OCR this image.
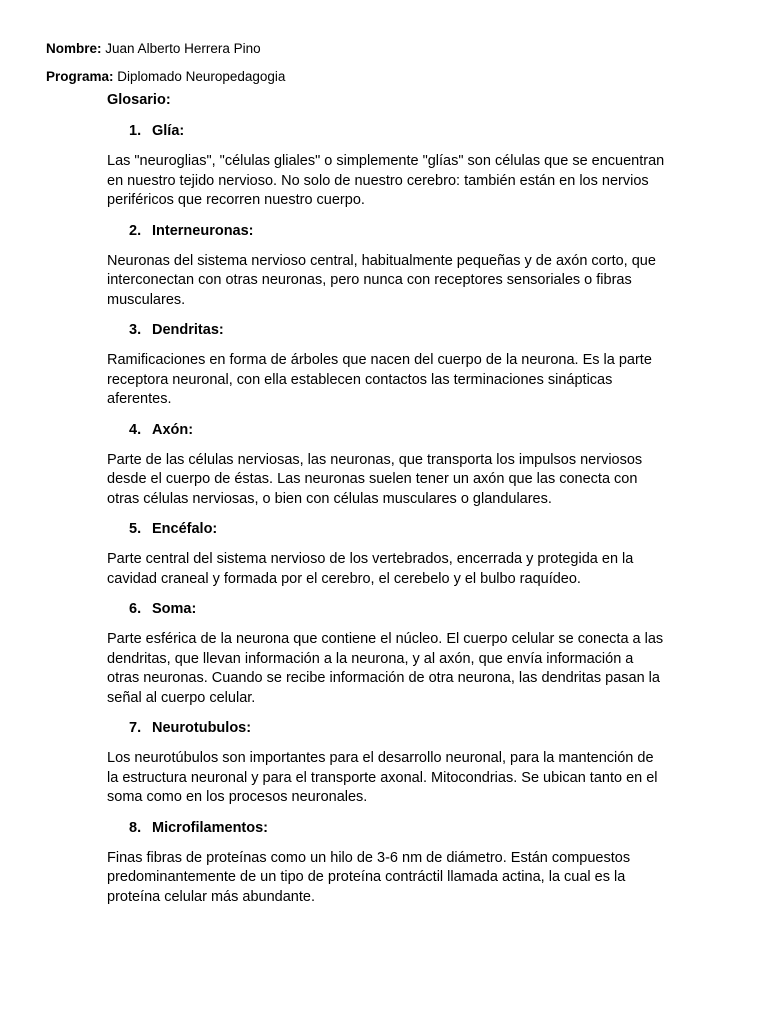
Nombre: Juan Alberto Herrera Pino
Programa: Diplomado Neuropedagogia

Glosario:

1. Glía:

Las "neuroglias", "células gliales" o simplemente "glías" son células que se encuentran en nuestro tejido nervioso. No solo de nuestro cerebro: también están en los nervios periféricos que recorren nuestro cuerpo.

2. Interneuronas:

Neuronas del sistema nervioso central, habitualmente pequeñas y de axón corto, que interconectan con otras neuronas, pero nunca con receptores sensoriales o fibras musculares.

3. Dendritas:

Ramificaciones en forma de árboles que nacen del cuerpo de la neurona. Es la parte receptora neuronal, con ella establecen contactos las terminaciones sinápticas aferentes.

4. Axón:

Parte de las células nerviosas, las neuronas, que transporta los impulsos nerviosos desde el cuerpo de éstas. Las neuronas suelen tener un axón que las conecta con otras células nerviosas, o bien con células musculares o glandulares.

5. Encéfalo:

Parte central del sistema nervioso de los vertebrados, encerrada y protegida en la cavidad craneal y formada por el cerebro, el cerebelo y el bulbo raquídeo.

6. Soma:

Parte esférica de la neurona que contiene el núcleo. El cuerpo celular se conecta a las dendritas, que llevan información a la neurona, y al axón, que envía información a otras neuronas. Cuando se recibe información de otra neurona, las dendritas pasan la señal al cuerpo celular.

7. Neurotubulos:

Los neurotúbulos son importantes para el desarrollo neuronal, para la mantención de la estructura neuronal y para el transporte axonal. Mitocondrias. Se ubican tanto en el soma como en los procesos neuronales.

8. Microfilamentos:

Finas fibras de proteínas como un hilo de 3-6 nm de diámetro. Están compuestos predominantemente de un tipo de proteína contráctil llamada actina, la cual es la proteína celular más abundante.
